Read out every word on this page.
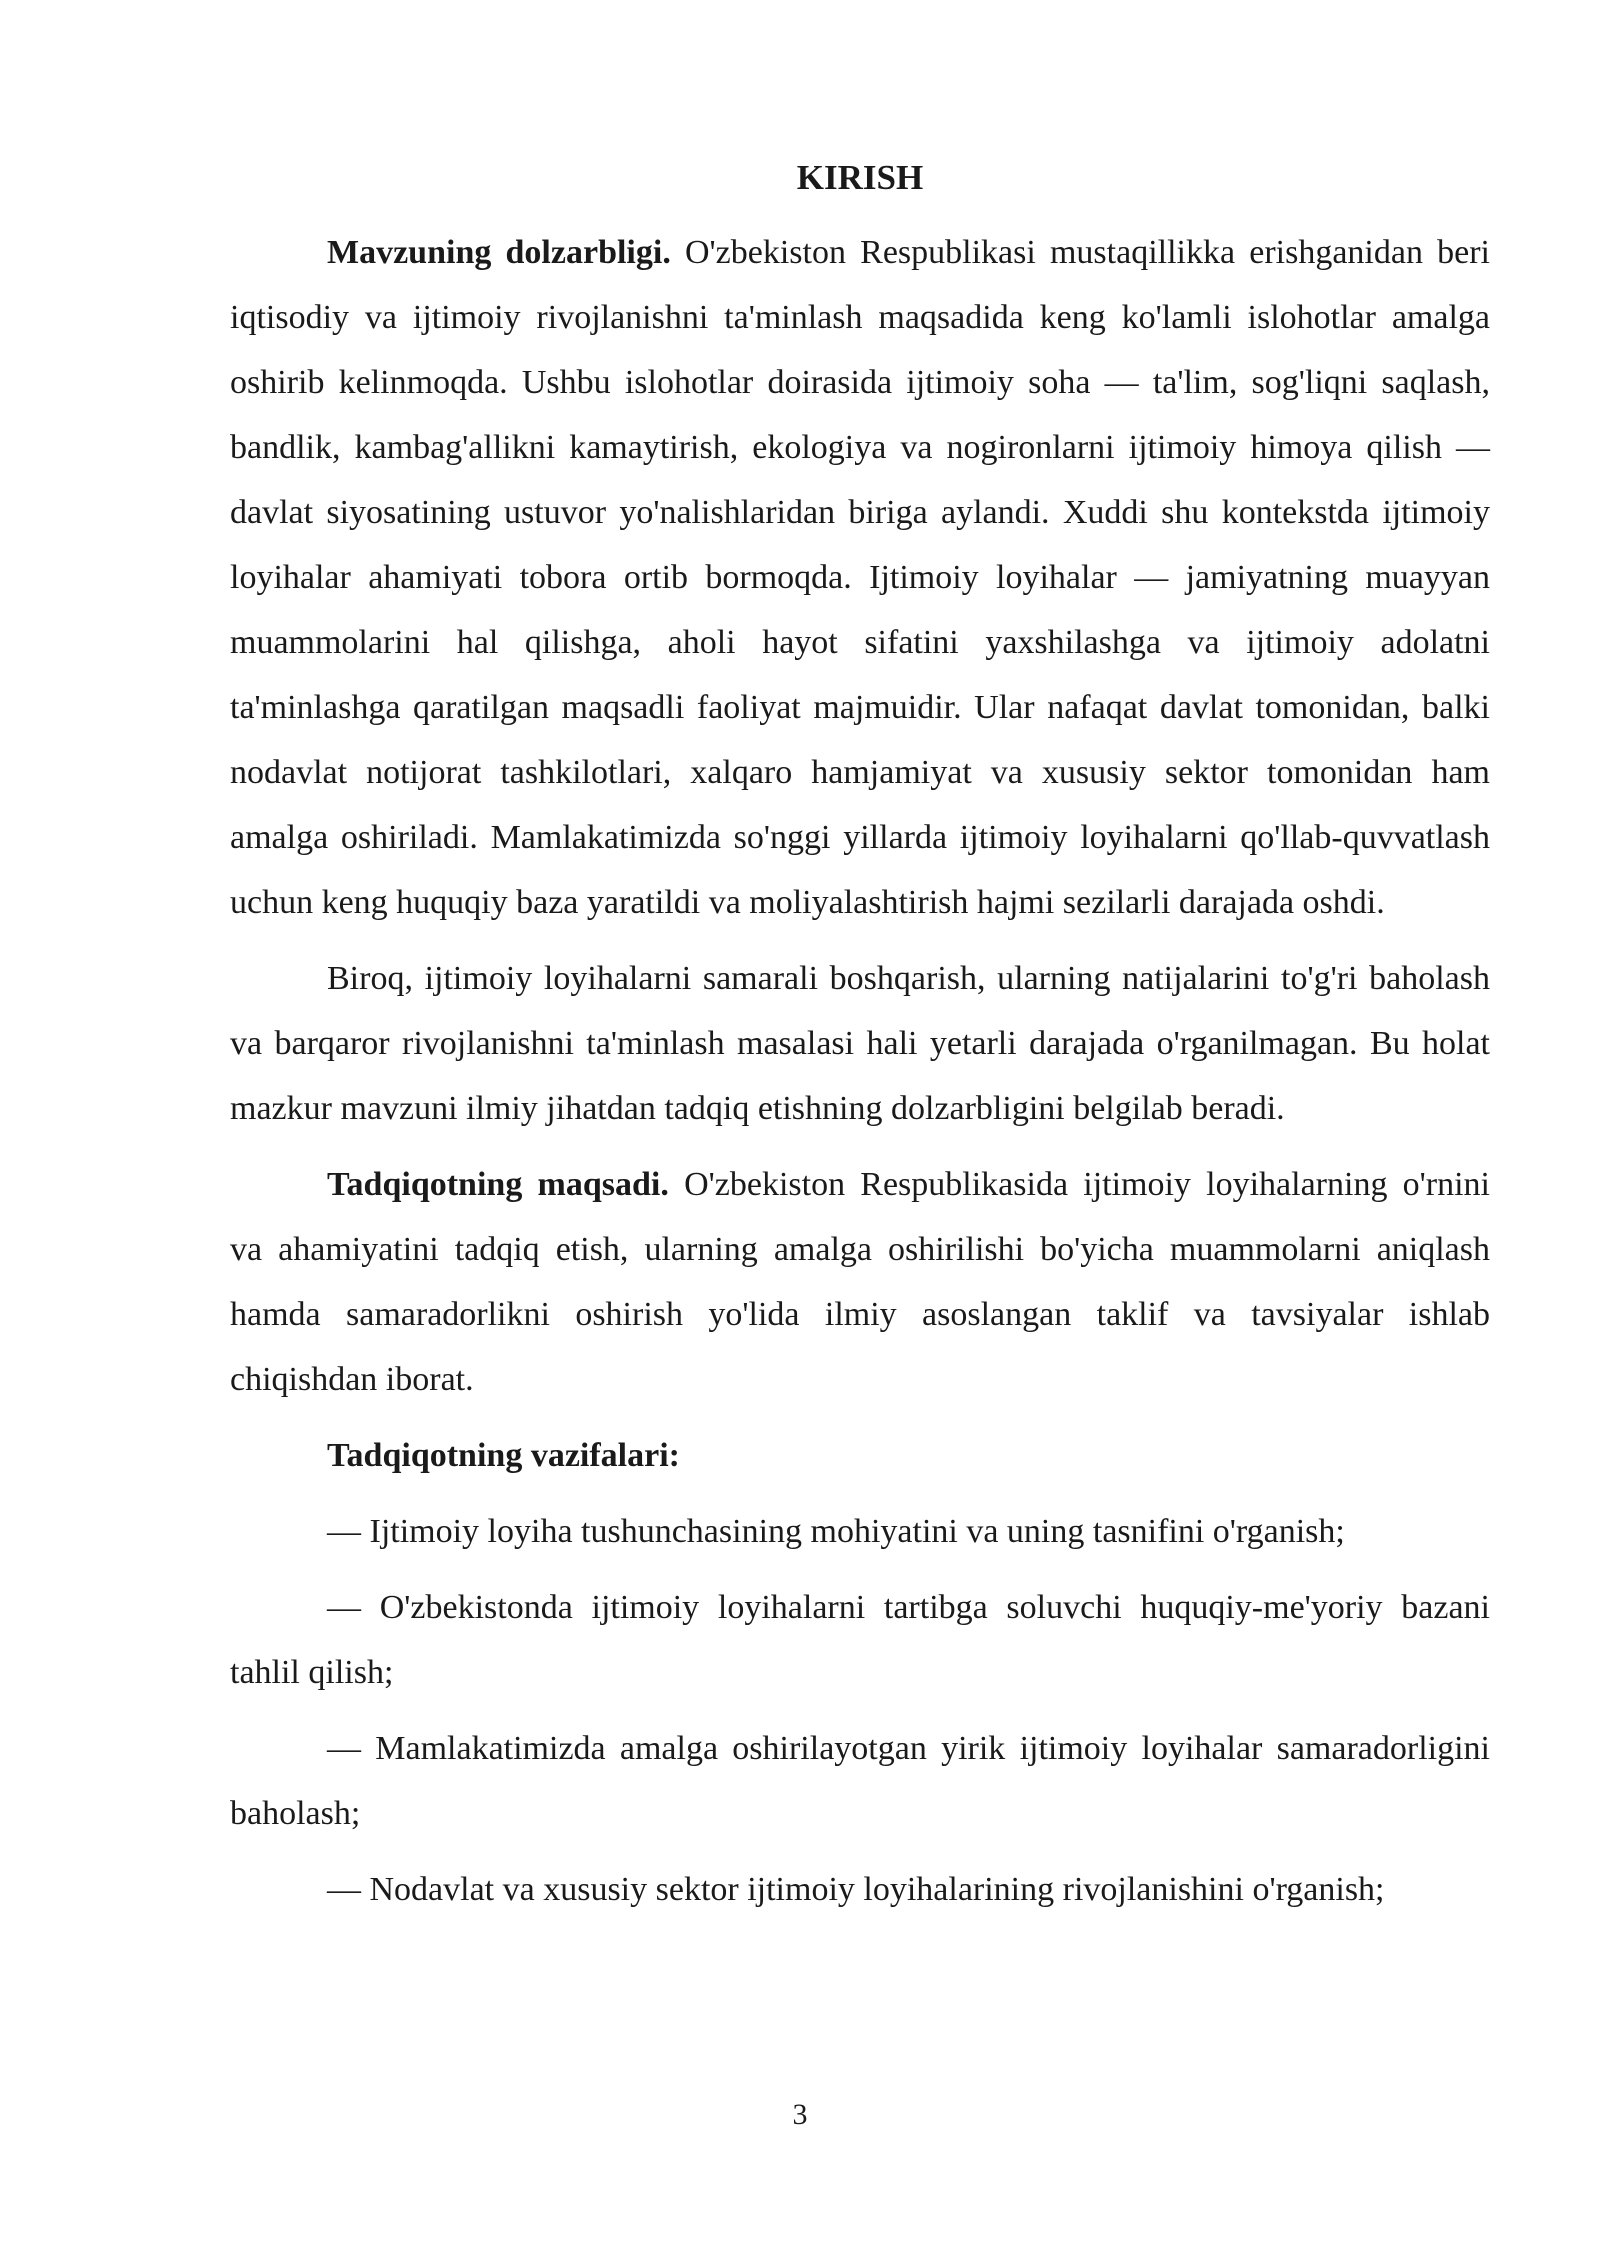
KIRISH

Mavzuning dolzarbligi. O'zbekiston Respublikasi mustaqillikka erishganidan beri iqtisodiy va ijtimoiy rivojlanishni ta'minlash maqsadida keng ko'lamli islohotlar amalga oshirib kelinmoqda. Ushbu islohotlar doirasida ijtimoiy soha — ta'lim, sog'liqni saqlash, bandlik, kambag'allikni kamaytirish, ekologiya va nogironlarni ijtimoiy himoya qilish — davlat siyosatining ustuvor yo'nalishlaridan biriga aylandi. Xuddi shu kontekstda ijtimoiy loyihalar ahamiyati tobora ortib bormoqda. Ijtimoiy loyihalar — jamiyatning muayyan muammolarini hal qilishga, aholi hayot sifatini yaxshilashga va ijtimoiy adolatni ta'minlashga qaratilgan maqsadli faoliyat majmuidir. Ular nafaqat davlat tomonidan, balki nodavlat notijorat tashkilotlari, xalqaro hamjamiyat va xususiy sektor tomonidan ham amalga oshiriladi. Mamlakatimizda so'nggi yillarda ijtimoiy loyihalarni qo'llab-quvvatlash uchun keng huquqiy baza yaratildi va moliyalashtirish hajmi sezilarli darajada oshdi.

Biroq, ijtimoiy loyihalarni samarali boshqarish, ularning natijalarini to'g'ri baholash va barqaror rivojlanishni ta'minlash masalasi hali yetarli darajada o'rganilmagan. Bu holat mazkur mavzuni ilmiy jihatdan tadqiq etishning dolzarbligini belgilab beradi.

Tadqiqotning maqsadi. O'zbekiston Respublikasida ijtimoiy loyihalarning o'rnini va ahamiyatini tadqiq etish, ularning amalga oshirilishi bo'yicha muammolarni aniqlash hamda samaradorlikni oshirish yo'lida ilmiy asoslangan taklif va tavsiyalar ishlab chiqishdan iborat.

Tadqiqotning vazifalari:

— Ijtimoiy loyiha tushunchasining mohiyatini va uning tasnifini o'rganish;

— O'zbekistonda ijtimoiy loyihalarni tartibga soluvchi huquqiy-me'yoriy bazani tahlil qilish;

— Mamlakatimizda amalga oshirilayotgan yirik ijtimoiy loyihalar samaradorligini baholash;

— Nodavlat va xususiy sektor ijtimoiy loyihalarining rivojlanishini o'rganish;

3
